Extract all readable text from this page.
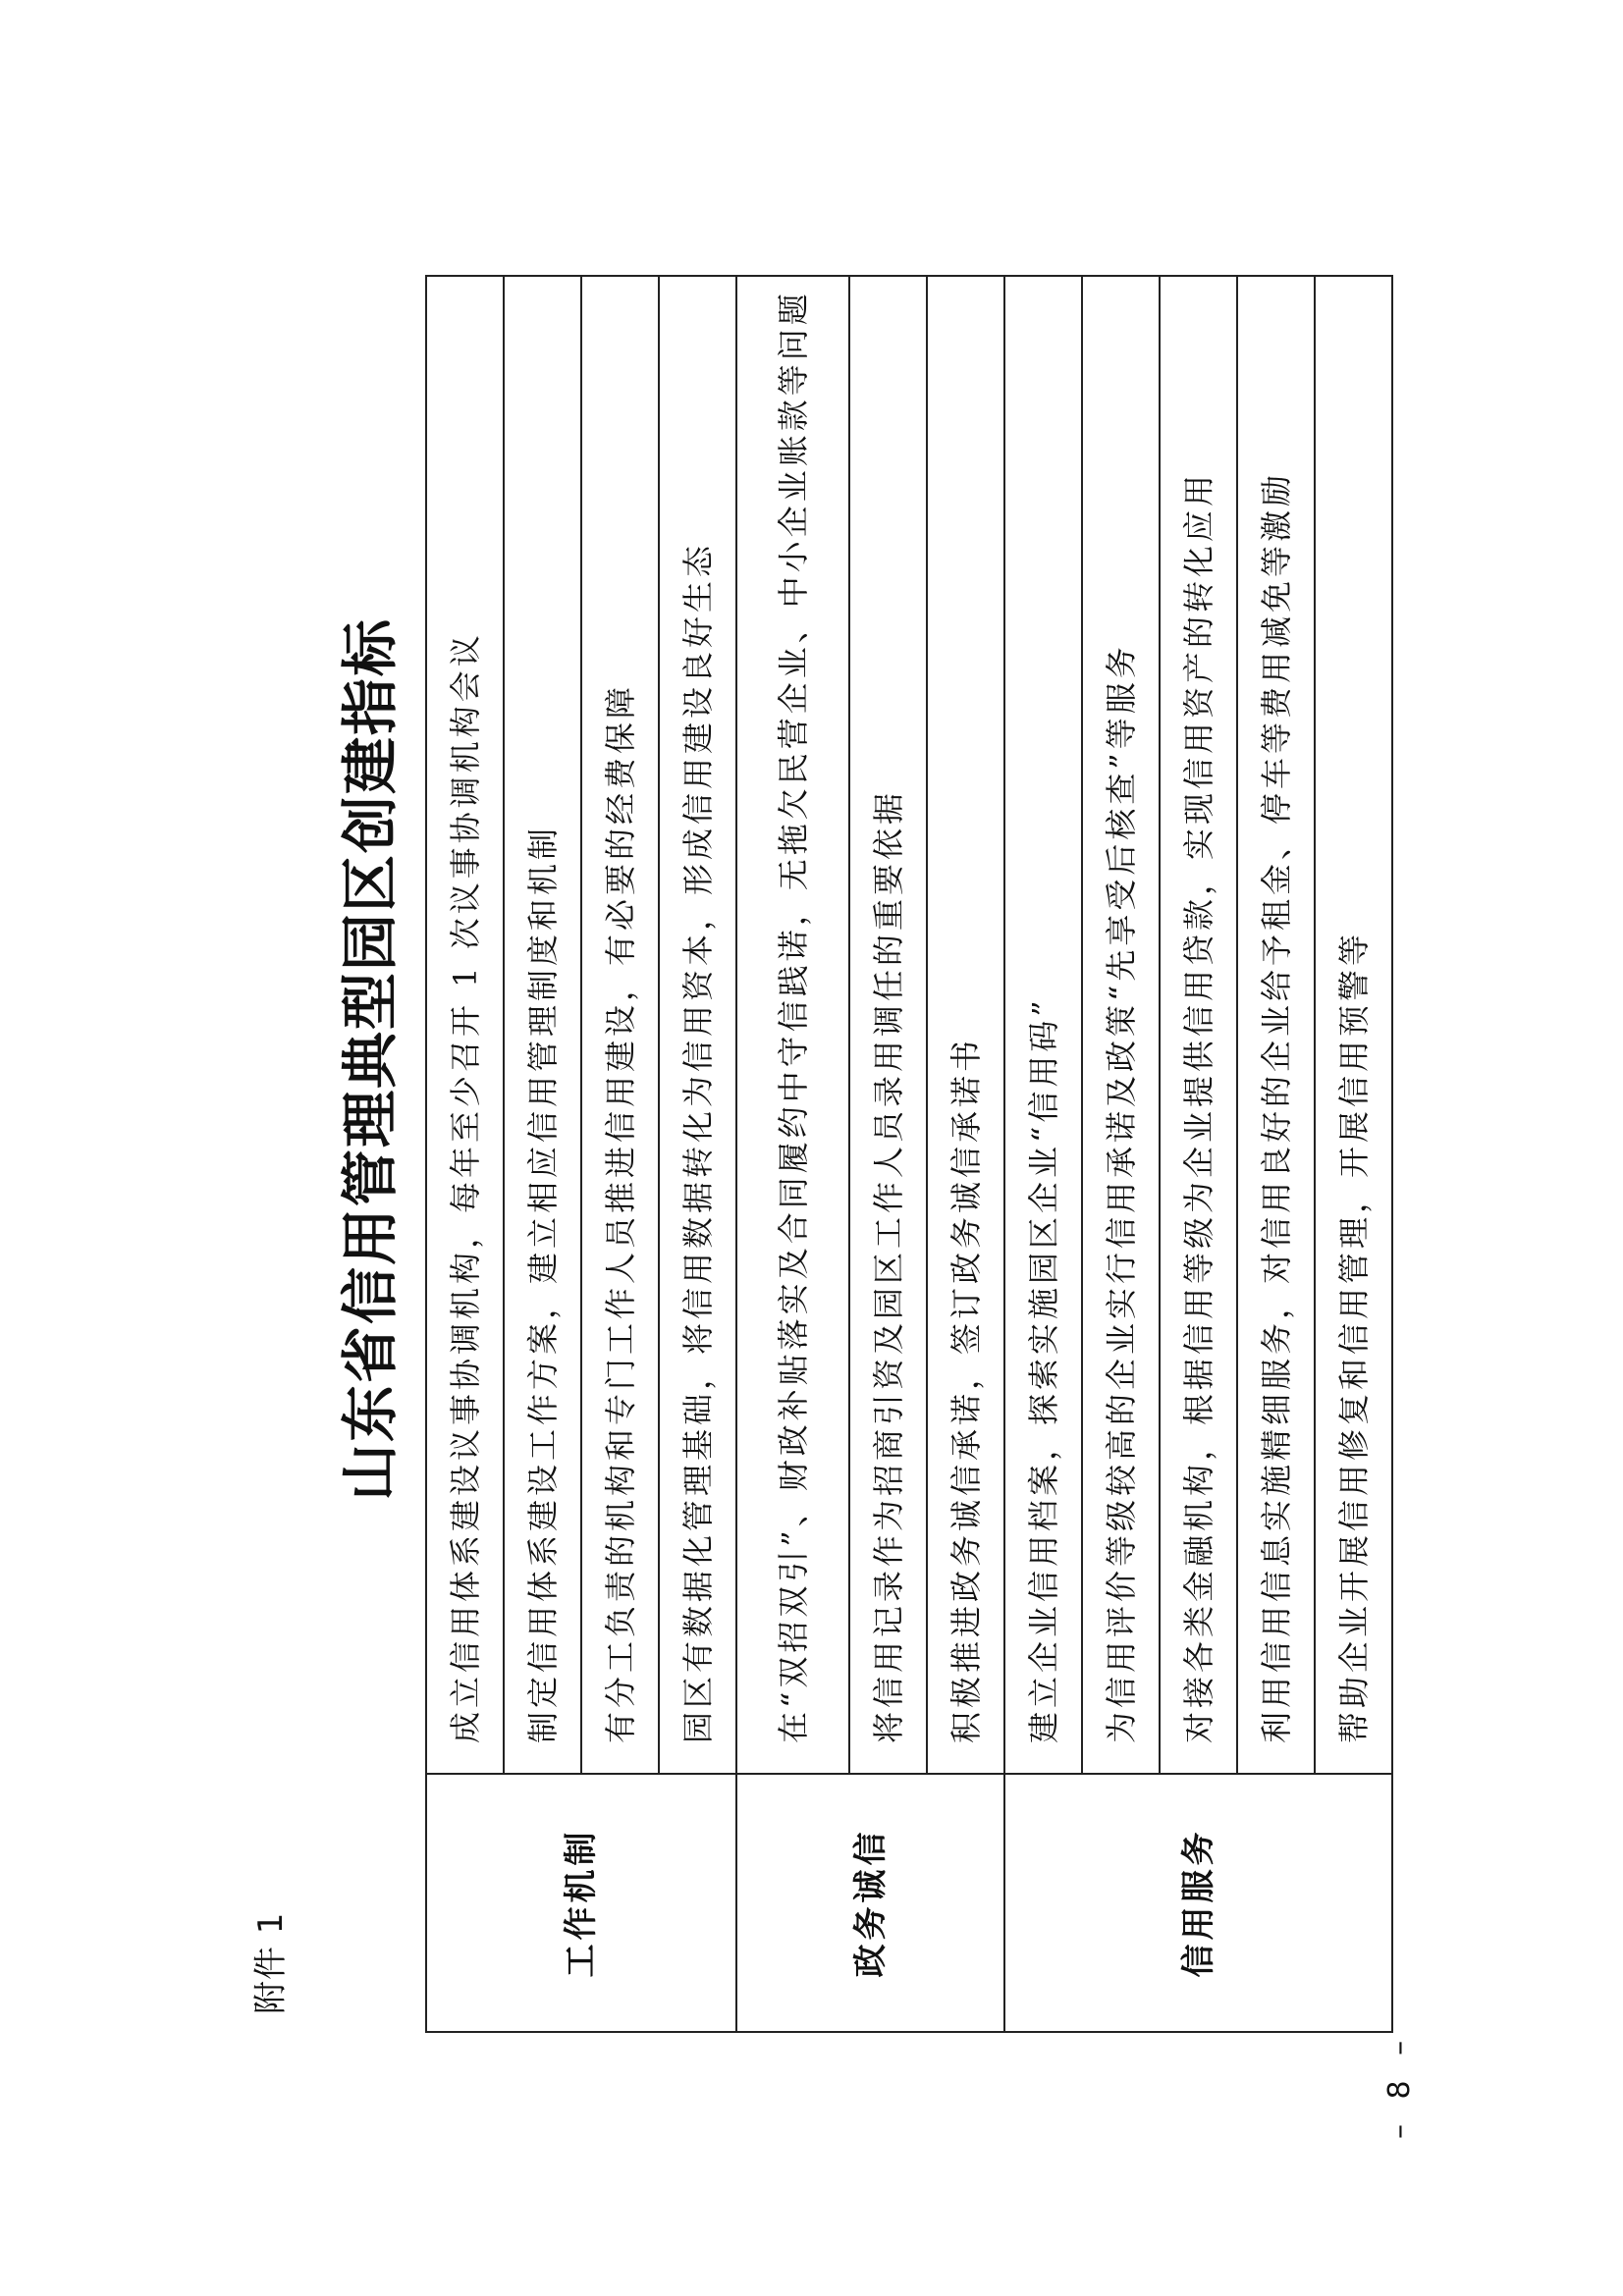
附件 1
山东省信用管理典型园区创建指标
工作机制	成立信用体系建设议事协调机构，每年至少召开 1 次议事协调机构会议
	制定信用体系建设工作方案，建立相应信用管理制度和机制
	有分工负责的机构和专门工作人员推进信用建设，有必要的经费保障
	园区有数据化管理基础，将信用数据转化为信用资本，形成信用建设良好生态
政务诚信	在“双招双引”、财政补贴落实及合同履约中守信践诺，无拖欠民营企业、中小企业账款等问题
	将信用记录作为招商引资及园区工作人员录用调任的重要依据
	积极推进政务诚信承诺，签订政务诚信承诺书
信用服务	建立企业信用档案，探索实施园区企业“信用码”
	为信用评价等级较高的企业实行信用承诺及政策“先享受后核查”等服务
	对接各类金融机构，根据信用等级为企业提供信用贷款，实现信用资产的转化应用
	利用信用信息实施精细服务，对信用良好的企业给予租金、停车等费用减免等激励
	帮助企业开展信用修复和信用管理，开展信用预警等
– 8 –
